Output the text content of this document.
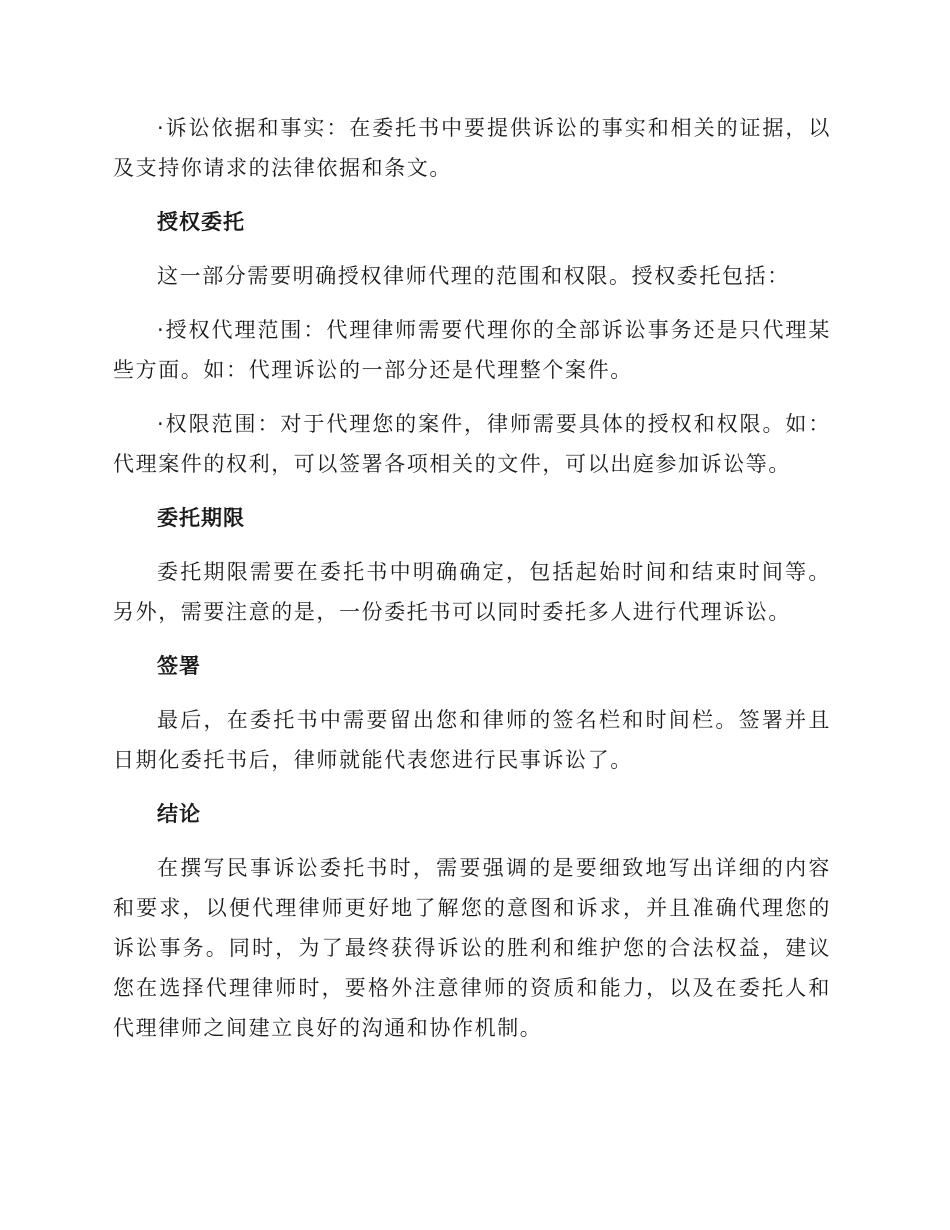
·诉讼依据和事实：在委托书中要提供诉讼的事实和相关的证据，以及支持你请求的法律依据和条文。

授权委托

这一部分需要明确授权律师代理的范围和权限。授权委托包括：

·授权代理范围：代理律师需要代理你的全部诉讼事务还是只代理某些方面。如：代理诉讼的一部分还是代理整个案件。

·权限范围：对于代理您的案件，律师需要具体的授权和权限。如：代理案件的权利，可以签署各项相关的文件，可以出庭参加诉讼等。

委托期限

委托期限需要在委托书中明确确定，包括起始时间和结束时间等。另外，需要注意的是，一份委托书可以同时委托多人进行代理诉讼。

签署

最后，在委托书中需要留出您和律师的签名栏和时间栏。签署并且日期化委托书后，律师就能代表您进行民事诉讼了。

结论

在撰写民事诉讼委托书时，需要强调的是要细致地写出详细的内容和要求，以便代理律师更好地了解您的意图和诉求，并且准确代理您的诉讼事务。同时，为了最终获得诉讼的胜利和维护您的合法权益，建议您在选择代理律师时，要格外注意律师的资质和能力，以及在委托人和代理律师之间建立良好的沟通和协作机制。
